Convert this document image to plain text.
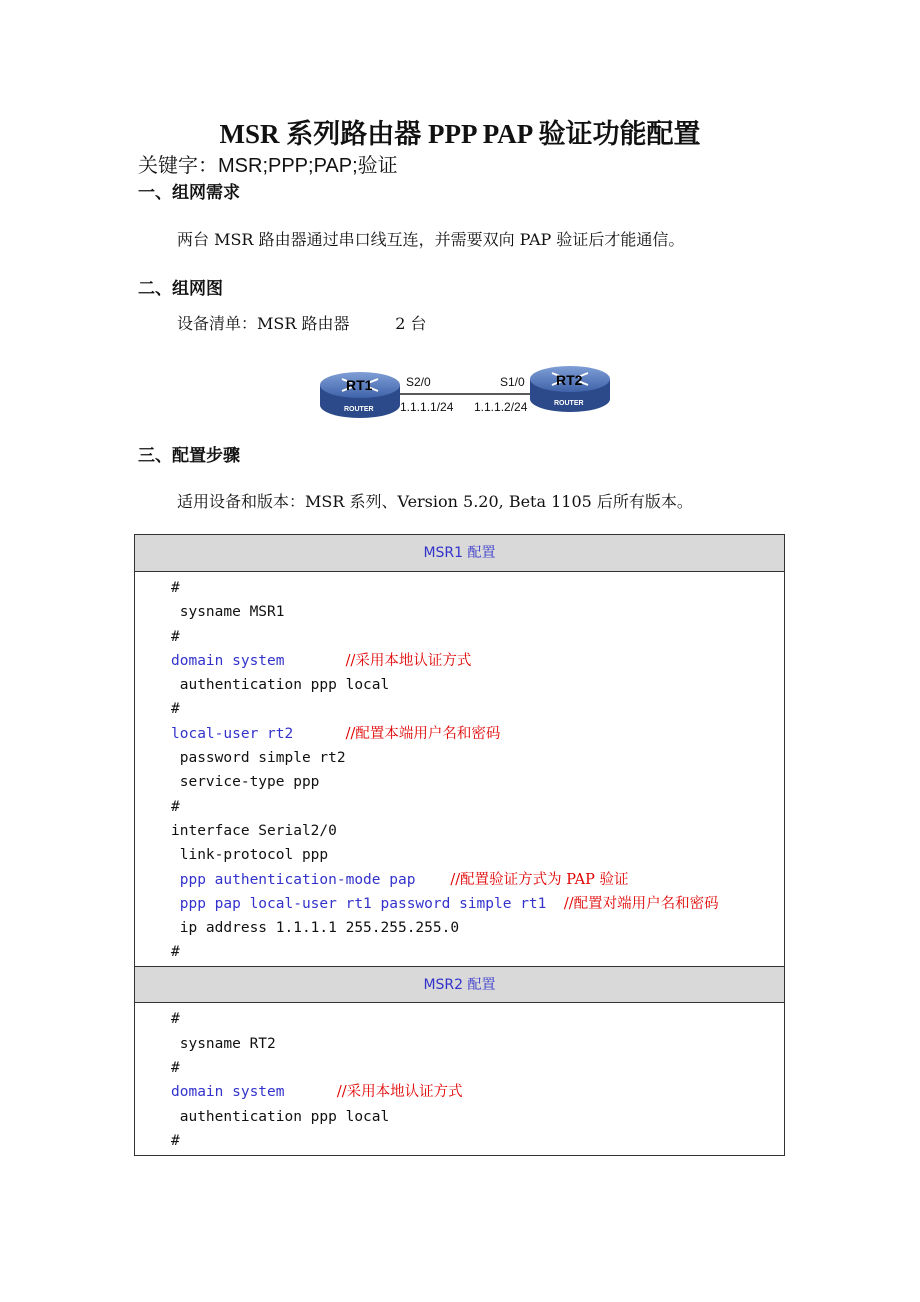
MSR 系列路由器 PPP PAP 验证功能配置
关键字：MSR;PPP;PAP;验证
一、组网需求
两台 MSR 路由器通过串口线互连，并需要双向 PAP 验证后才能通信。
二、组网图
设备清单：MSR 路由器         2 台
RT1
ROUTER
RT2
ROUTER
S2/0
1.1.1.1/24
S1/0
1.1.1.2/24
三、配置步骤
适用设备和版本：MSR 系列、Version 5.20, Beta 1105 后所有版本。
MSR1 配置
#
sysname MSR1
#
domain system       //采用本地认证方式
authentication ppp local
#
local-user rt2      //配置本端用户名和密码
password simple rt2
service-type ppp
#
interface Serial2/0
link-protocol ppp
ppp authentication-mode pap    //配置验证方式为 PAP 验证
ppp pap local-user rt1 password simple rt1  //配置对端用户名和密码
ip address 1.1.1.1 255.255.255.0
#
MSR2 配置
#
sysname RT2
#
domain system      //采用本地认证方式
authentication ppp local
#
